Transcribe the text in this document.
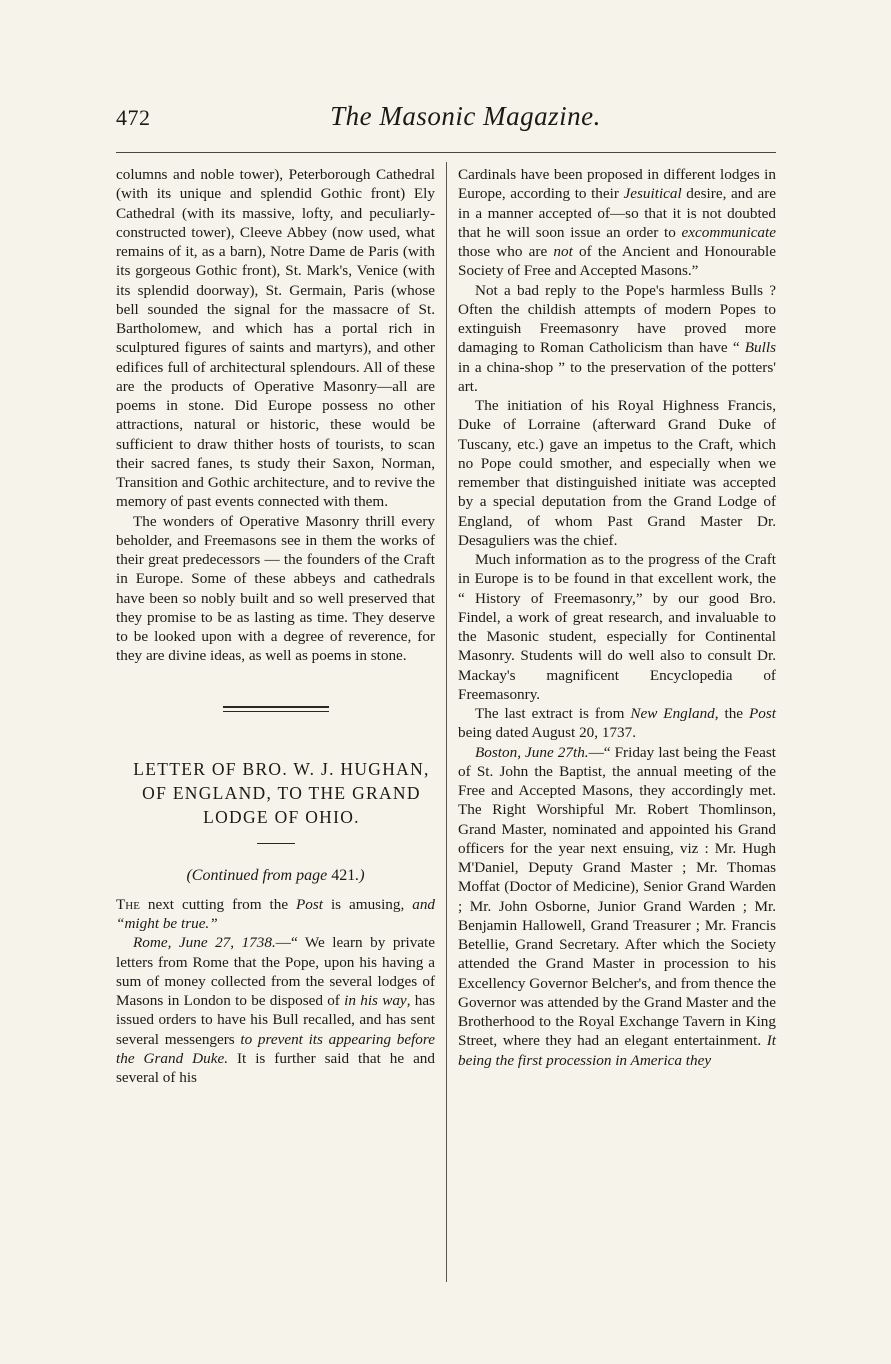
472	The Masonic Magazine.

columns and noble tower), Peterborough Cathedral (with its unique and splendid Gothic front) Ely Cathedral (with its massive, lofty, and peculiarly-constructed tower), Cleeve Abbey (now used, what remains of it, as a barn), Notre Dame de Paris (with its gorgeous Gothic front), St. Mark's, Venice (with its splendid doorway), St. Germain, Paris (whose bell sounded the signal for the massacre of St. Bartholomew, and which has a portal rich in sculptured figures of saints and martyrs), and other edifices full of architectural splendours. All of these are the products of Operative Masonry—all are poems in stone. Did Europe possess no other attractions, natural or historic, these would be sufficient to draw thither hosts of tourists, to scan their sacred fanes, ts study their Saxon, Norman, Transition and Gothic architecture, and to revive the memory of past events connected with them.

The wonders of Operative Masonry thrill every beholder, and Freemasons see in them the works of their great predecessors — the founders of the Craft in Europe. Some of these abbeys and cathedrals have been so nobly built and so well preserved that they promise to be as lasting as time. They deserve to be looked upon with a degree of reverence, for they are divine ideas, as well as poems in stone.

LETTER OF BRO. W. J. HUGHAN,
OF ENGLAND, TO THE GRAND
LODGE OF OHIO.
(Continued from page 421.)

The next cutting from the Post is amusing, and “might be true.”

Rome, June 27, 1738.—“ We learn by private letters from Rome that the Pope, upon his having a sum of money collected from the several lodges of Masons in London to be disposed of in his way, has issued orders to have his Bull recalled, and has sent several messengers to prevent its appearing before the Grand Duke. It is further said that he and several of his

Cardinals have been proposed in different lodges in Europe, according to their Jesuitical desire, and are in a manner accepted of—so that it is not doubted that he will soon issue an order to excommunicate those who are not of the Ancient and Honourable Society of Free and Accepted Masons.”

Not a bad reply to the Pope's harmless Bulls ? Often the childish attempts of modern Popes to extinguish Freemasonry have proved more damaging to Roman Catholicism than have “ Bulls in a china-shop ” to the preservation of the potters' art.

The initiation of his Royal Highness Francis, Duke of Lorraine (afterward Grand Duke of Tuscany, etc.) gave an impetus to the Craft, which no Pope could smother, and especially when we remember that distinguished initiate was accepted by a special deputation from the Grand Lodge of England, of whom Past Grand Master Dr. Desaguliers was the chief.

Much information as to the progress of the Craft in Europe is to be found in that excellent work, the “ History of Freemasonry,” by our good Bro. Findel, a work of great research, and invaluable to the Masonic student, especially for Continental Masonry. Students will do well also to consult Dr. Mackay's magnificent Encyclopedia of Freemasonry.

The last extract is from New England, the Post being dated August 20, 1737.

Boston, June 27th.—“ Friday last being the Feast of St. John the Baptist, the annual meeting of the Free and Accepted Masons, they accordingly met. The Right Worshipful Mr. Robert Thomlinson, Grand Master, nominated and appointed his Grand officers for the year next ensuing, viz : Mr. Hugh M'Daniel, Deputy Grand Master ; Mr. Thomas Moffat (Doctor of Medicine), Senior Grand Warden ; Mr. John Osborne, Junior Grand Warden ; Mr. Benjamin Hallowell, Grand Treasurer ; Mr. Francis Betellie, Grand Secretary. After which the Society attended the Grand Master in procession to his Excellency Governor Belcher's, and from thence the Governor was attended by the Grand Master and the Brotherhood to the Royal Exchange Tavern in King Street, where they had an elegant entertainment. It being the first procession in America they
